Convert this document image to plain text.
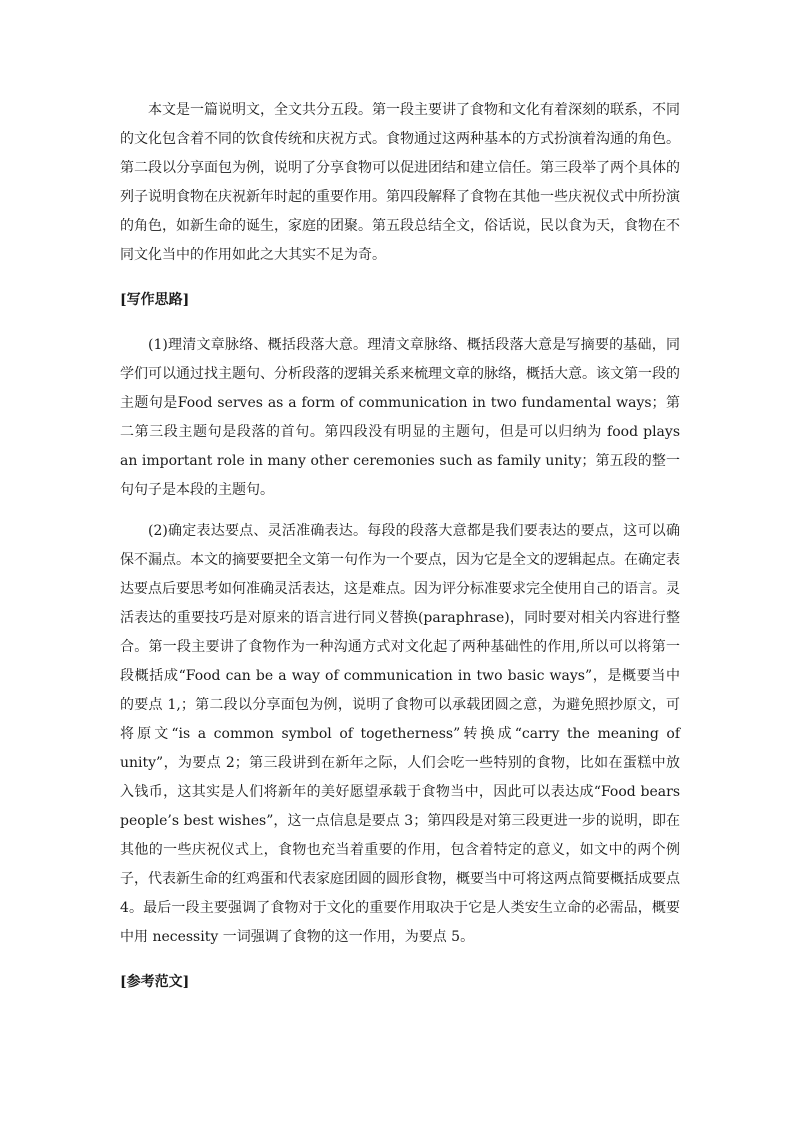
本文是一篇说明文，全文共分五段。第一段主要讲了食物和文化有着深刻的联系，不同的文化包含着不同的饮食传统和庆祝方式。食物通过这两种基本的方式扮演着沟通的角色。第二段以分享面包为例，说明了分享食物可以促进团结和建立信任。第三段举了两个具体的列子说明食物在庆祝新年时起的重要作用。第四段解释了食物在其他一些庆祝仪式中所扮演的角色，如新生命的诞生，家庭的团聚。第五段总结全文，俗话说，民以食为天，食物在不同文化当中的作用如此之大其实不足为奇。

[写作思路]

(1)理清文章脉络、概括段落大意。理清文章脉络、概括段落大意是写摘要的基础，同学们可以通过找主题句、分析段落的逻辑关系来梳理文章的脉络，概括大意。该文第一段的主题句是Food serves as a form of communication in two fundamental ways；第二第三段主题句是段落的首句。第四段没有明显的主题句，但是可以归纳为 food plays an important role in many other ceremonies such as family unity；第五段的整一句句子是本段的主题句。

(2)确定表达要点、灵活准确表达。每段的段落大意都是我们要表达的要点，这可以确保不漏点。本文的摘要要把全文第一句作为一个要点，因为它是全文的逻辑起点。在确定表达要点后要思考如何准确灵活表达，这是难点。因为评分标准要求完全使用自己的语言。灵活表达的重要技巧是对原来的语言进行同义替换(paraphrase)，同时要对相关内容进行整合。第一段主要讲了食物作为一种沟通方式对文化起了两种基础性的作用,所以可以将第一段概括成“Food can be a way of communication in two basic ways”，是概要当中的要点 1,；第二段以分享面包为例，说明了食物可以承载团圆之意，为避免照抄原文，可将原文“is a common symbol of togetherness”转换成“carry the meaning of unity”，为要点 2；第三段讲到在新年之际，人们会吃一些特别的食物，比如在蛋糕中放入钱币，这其实是人们将新年的美好愿望承载于食物当中，因此可以表达成“Food bears people’s best wishes”，这一点信息是要点 3；第四段是对第三段更进一步的说明，即在其他的一些庆祝仪式上，食物也充当着重要的作用，包含着特定的意义，如文中的两个例子，代表新生命的红鸡蛋和代表家庭团圆的圆形食物，概要当中可将这两点简要概括成要点 4。最后一段主要强调了食物对于文化的重要作用取决于它是人类安生立命的必需品，概要中用 necessity 一词强调了食物的这一作用，为要点 5。

[参考范文]
